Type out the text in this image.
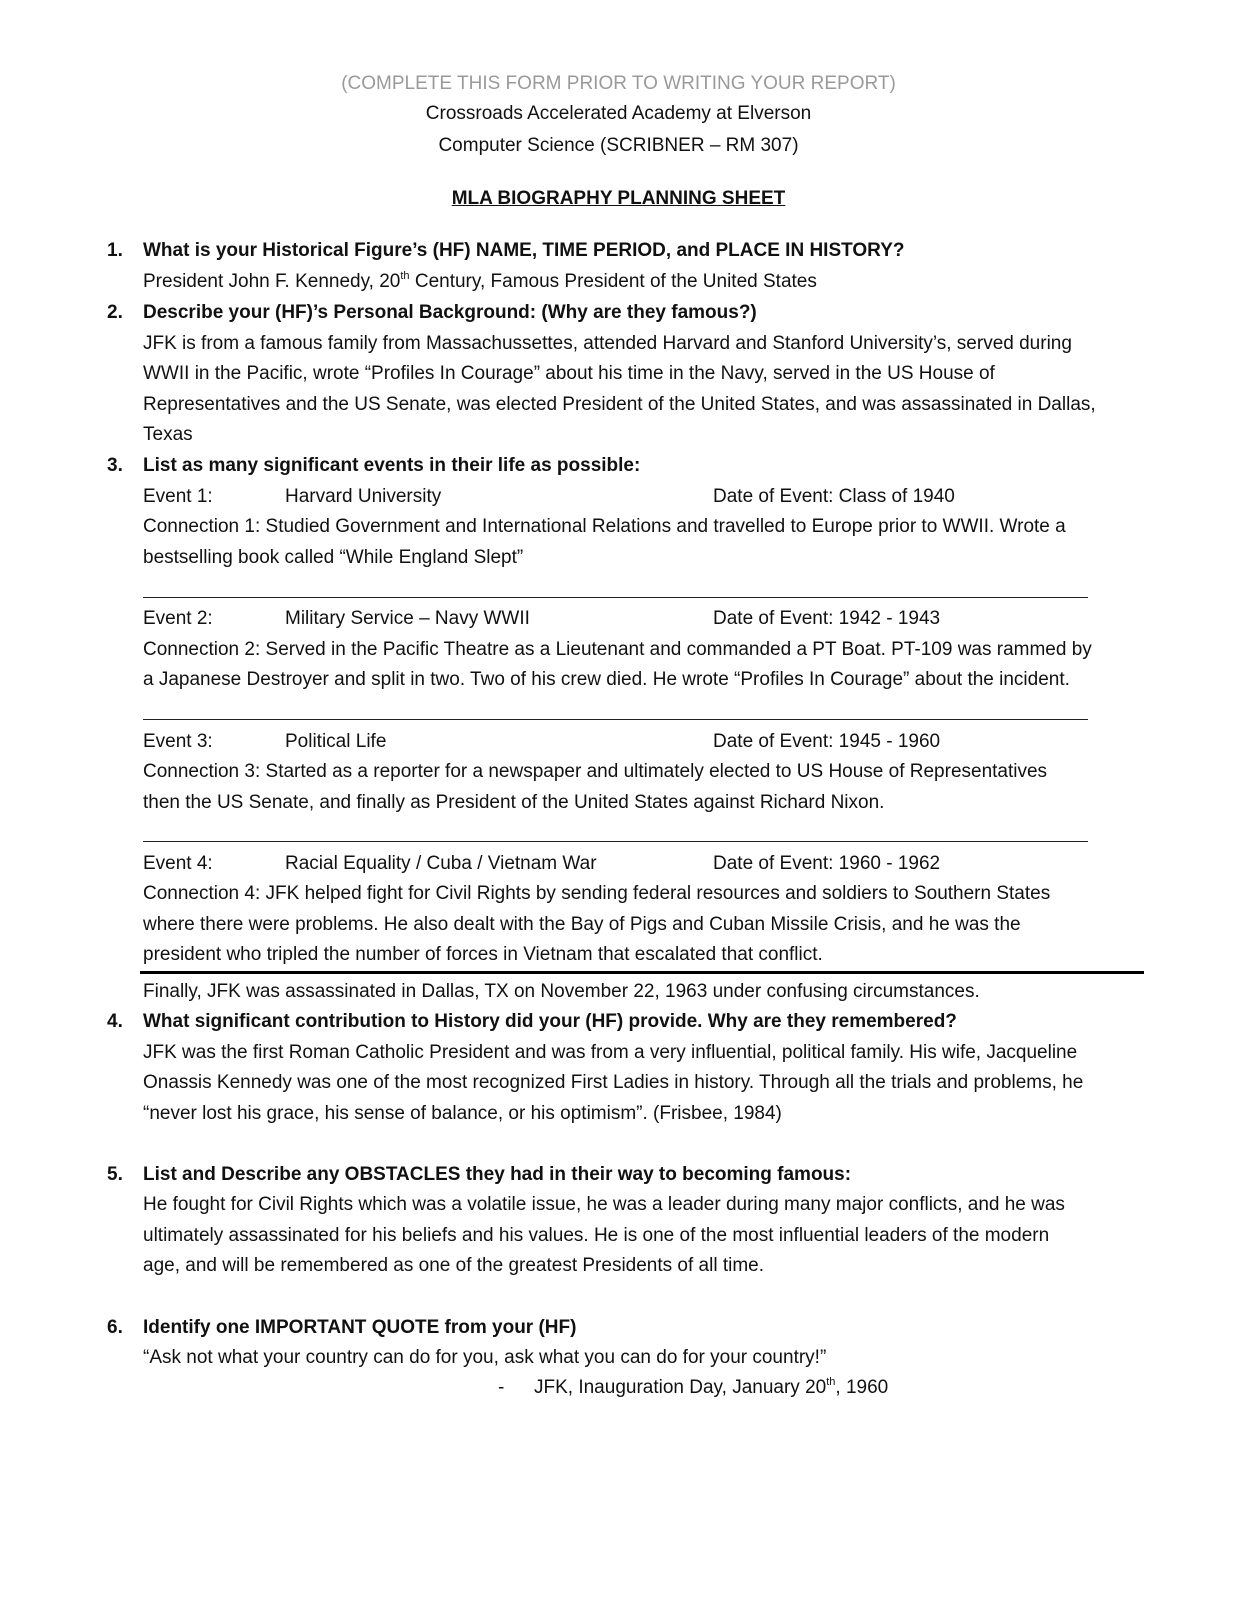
(COMPLETE THIS FORM PRIOR TO WRITING YOUR REPORT)
Crossroads Accelerated Academy at Elverson
Computer Science (SCRIBNER – RM 307)
MLA BIOGRAPHY PLANNING SHEET
1. What is your Historical Figure’s (HF) NAME, TIME PERIOD, and PLACE IN HISTORY?
President John F. Kennedy, 20th Century, Famous President of the United States
2. Describe your (HF)’s Personal Background: (Why are they famous?)
JFK is from a famous family from Massachussettes, attended Harvard and Stanford University’s, served during
WWII in the Pacific, wrote “Profiles In Courage” about his time in the Navy, served in the US House of
Representatives and the US Senate, was elected President of the United States, and was assassinated in Dallas,
Texas
3. List as many significant events in their life as possible:
Event 1:	Harvard University	Date of Event: Class of 1940
Connection 1: Studied Government and International Relations and travelled to Europe prior to WWII. Wrote a
bestselling book called “While England Slept”
Event 2:	Military Service – Navy WWII	Date of Event: 1942 - 1943
Connection 2: Served in the Pacific Theatre as a Lieutenant and commanded a PT Boat. PT-109 was rammed by
a Japanese Destroyer and split in two. Two of his crew died. He wrote “Profiles In Courage” about the incident.
Event 3:	Political Life	Date of Event: 1945 - 1960
Connection 3: Started as a reporter for a newspaper and ultimately elected to US House of Representatives
then the US Senate, and finally as President of the United States against Richard Nixon.
Event 4:	Racial Equality / Cuba / Vietnam War	Date of Event: 1960 - 1962
Connection 4: JFK helped fight for Civil Rights by sending federal resources and soldiers to Southern States
where there were problems. He also dealt with the Bay of Pigs and Cuban Missile Crisis, and he was the
president who tripled the number of forces in Vietnam that escalated that conflict.
Finally, JFK was assassinated in Dallas, TX on November 22, 1963 under confusing circumstances.
4. What significant contribution to History did your (HF) provide. Why are they remembered?
JFK was the first Roman Catholic President and was from a very influential, political family. His wife, Jacqueline
Onassis Kennedy was one of the most recognized First Ladies in history. Through all the trials and problems, he
“never lost his grace, his sense of balance, or his optimism”. (Frisbee, 1984)
5. List and Describe any OBSTACLES they had in their way to becoming famous:
He fought for Civil Rights which was a volatile issue, he was a leader during many major conflicts, and he was
ultimately assassinated for his beliefs and his values. He is one of the most influential leaders of the modern
age, and will be remembered as one of the greatest Presidents of all time.
6. Identify one IMPORTANT QUOTE from your (HF)
“Ask not what your country can do for you, ask what you can do for your country!”
- JFK, Inauguration Day, January 20th, 1960
